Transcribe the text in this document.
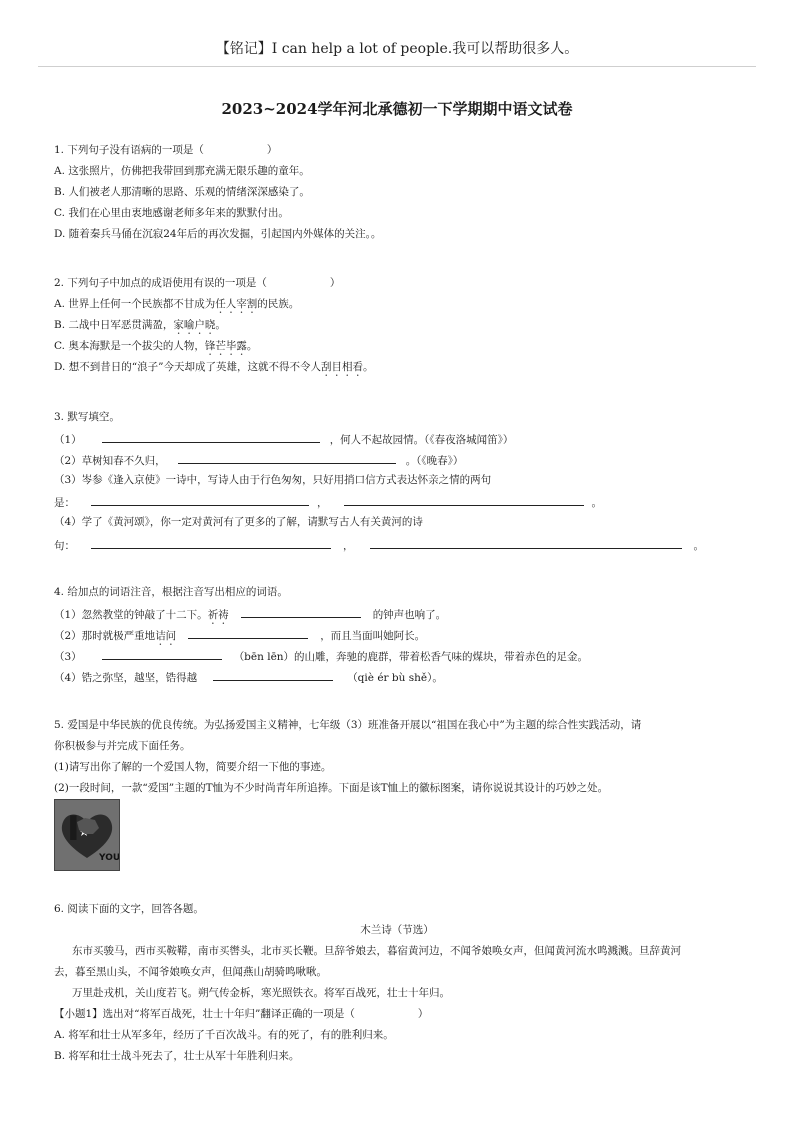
【铭记】I can help a lot of people.我可以帮助很多人。
2023~2024学年河北承德初一下学期期中语文试卷
1. 下列句子没有语病的一项是（　　　　　　）
A. 这张照片，仿佛把我带回到那充满无限乐趣的童年。
B. 人们被老人那清晰的思路、乐观的情绪深深感染了。
C. 我们在心里由衷地感谢老师多年来的默默付出。
D. 随着秦兵马俑在沉寂24年后的再次发掘，引起国内外媒体的关注。。
2. 下列句子中加点的成语使用有误的一项是（　　　　　　）
A. 世界上任何一个民族都不甘成为任人宰割的民族。
B. 二战中日军恶贯满盈，家喻户晓。
C. 奥本海默是一个拔尖的人物，锋芒毕露。
D. 想不到昔日的“浪子”今天却成了英雄，这就不得不令人刮目相看。
3. 默写填空。
（1）	，何人不起故园情。（《春夜洛城闻笛》）
（2）草树知春不久归，	。（《晚春》）
（3）岑参《逢入京使》一诗中，写诗人由于行色匆匆，只好用捎口信方式表达怀亲之情的两句
是：	，	。
（4）学了《黄河颂》，你一定对黄河有了更多的了解，请默写古人有关黄河的诗
句：	，	。
4. 给加点的词语注音，根据注音写出相应的词语。
（1）忽然教堂的钟敲了十二下。祈祷	的钟声也响了。
（2）那时就极严重地诘问	，而且当面叫她阿长。
（3）	（bēn lēn）的山雕，奔驰的鹿群，带着松香气味的煤块，带着赤色的足金。
（4）锆之弥坚，越坚，锆得越	（qiè ér bù shě）。
5. 爱国是中华民族的优良传统。为弘扬爱国主义精神，七年级（3）班准备开展以“祖国在我心中”为主题的综合性实践活动，请
你积极参与并完成下面任务。
(1)请写出你了解的一个爱国人物，简要介绍一下他的事迹。
(2)一段时间，一款“爱国”主题的T恤为不少时尚青年所追捧。下面是该T恤上的徽标图案，请你说说其设计的巧妙之处。
I
YOU
6. 阅读下面的文字，回答各题。
木兰诗（节选）
东市买骏马，西市买鞍鞯，南市买辔头，北市买长鞭。旦辞爷娘去，暮宿黄河边，不闻爷娘唤女声，但闻黄河流水鸣溅溅。旦辞黄河
去，暮至黑山头，不闻爷娘唤女声，但闻燕山胡骑鸣啾啾。
万里赴戎机，关山度若飞。朔气传金柝，寒光照铁衣。将军百战死，壮士十年归。
【小题1】选出对“将军百战死，壮士十年归”翻译正确的一项是（　　　　　　）
A. 将军和壮士从军多年，经历了千百次战斗。有的死了，有的胜利归来。
B. 将军和壮士战斗死去了，壮士从军十年胜利归来。
